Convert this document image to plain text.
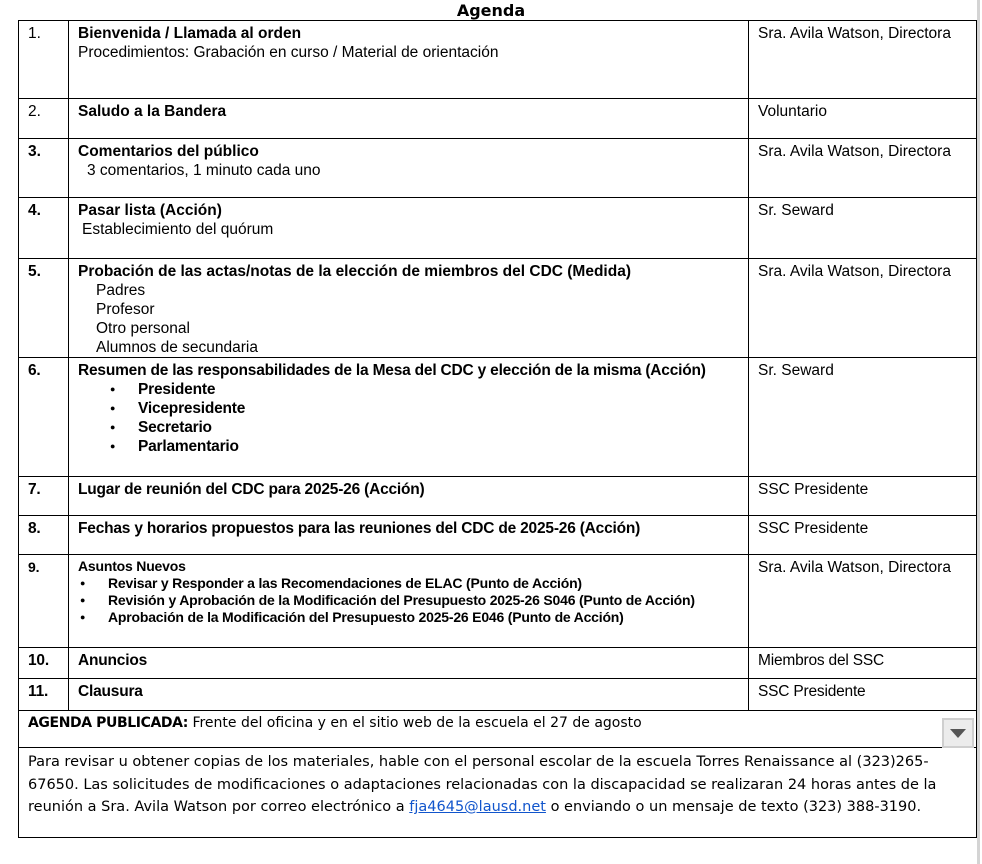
Agenda
1.	Bienvenida / Llamada al orden
Procedimientos: Grabación en curso / Material de orientación	Sra. Avila Watson, Directora
2.	Saludo a la Bandera	Voluntario
3.	Comentarios del público
3 comentarios, 1 minuto cada uno	Sra. Avila Watson, Directora
4.	Pasar lista (Acción)
Establecimiento del quórum	Sr. Seward
5.	Probación de las actas/notas de la elección de miembros del CDC (Medida)
Padres
Profesor
Otro personal
Alumnos de secundaria	Sra. Avila Watson, Directora
6.	Resumen de las responsabilidades de la Mesa del CDC y elección de la misma (Acción)
● Presidente
● Vicepresidente
● Secretario
● Parlamentario
	Sr. Seward
7.	Lugar de reunión del CDC para 2025-26 (Acción)	SSC Presidente
8.	Fechas y horarios propuestos para las reuniones del CDC de 2025-26 (Acción)	SSC Presidente
9.	Asuntos Nuevos
● Revisar y Responder a las Recomendaciones de ELAC (Punto de Acción)
● Revisión y Aprobación de la Modificación del Presupuesto 2025-26 S046 (Punto de Acción)
● Aprobación de la Modificación del Presupuesto 2025-26 E046 (Punto de Acción)
	Sra. Avila Watson, Directora
10.	Anuncios	Miembros del SSC
11.	Clausura	SSC Presidente
AGENDA PUBLICADA: Frente del oficina y en el sitio web de la escuela el 27 de agosto		

Para revisar u obtener copias de los materiales, hable con el personal escolar de la escuela Torres Renaissance al (323)265-67650. Las solicitudes de modificaciones o adaptaciones relacionadas con la discapacidad se realizaran 24 horas antes de la reunión a Sra. Avila Watson por correo electrónico a fja4645@lausd.net o enviando o un mensaje de texto (323) 388-3190.		
